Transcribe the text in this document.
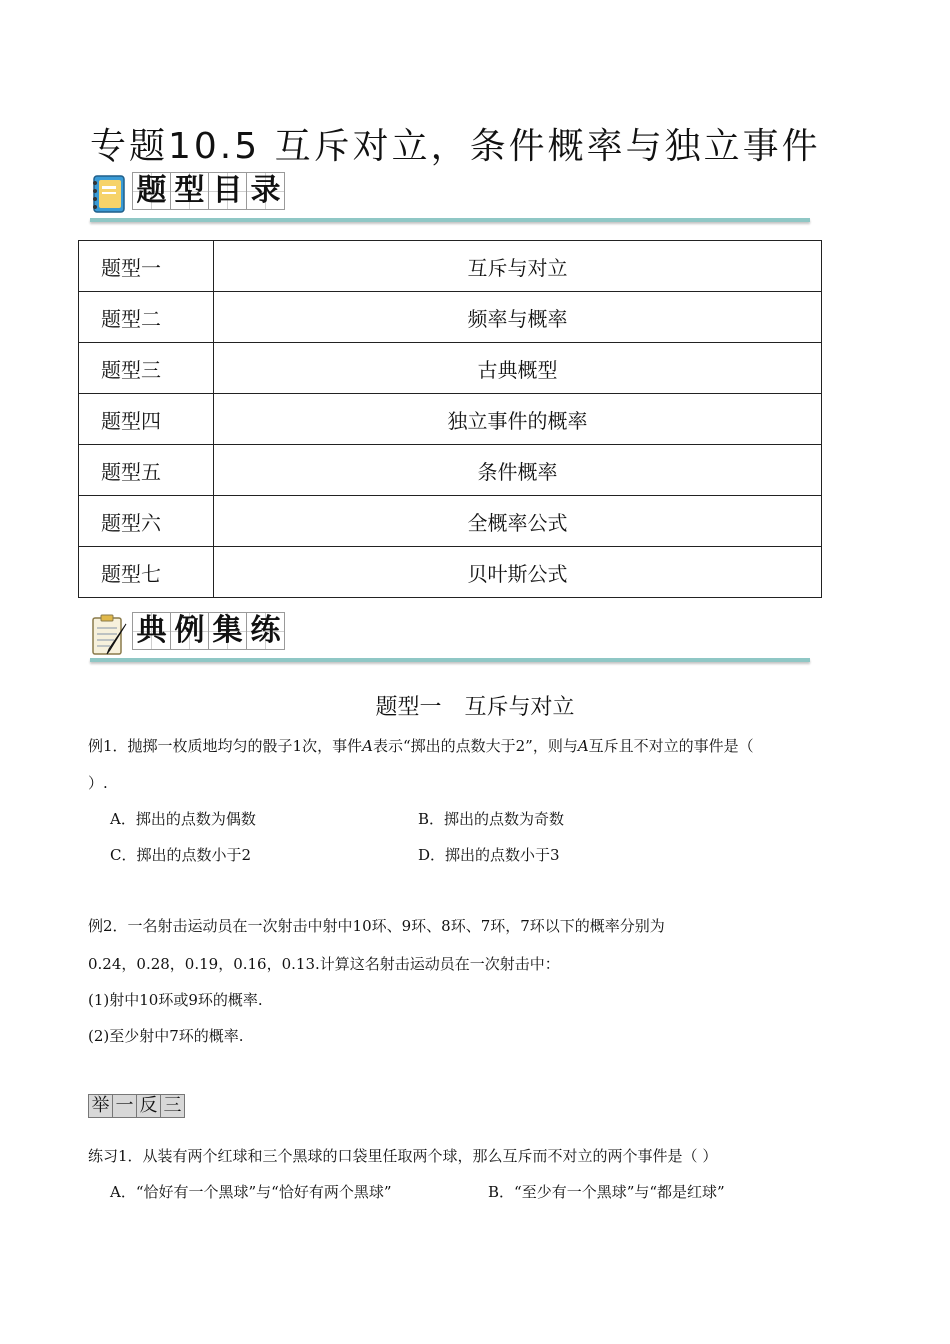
专题10.5 互斥对立，条件概率与独立事件
题 型 目 录
题型一	互斥与对立
题型二	频率与概率
题型三	古典概型
题型四	独立事件的概率
题型五	条件概率
题型六	全概率公式
题型七	贝叶斯公式
典 例 集 练
题型一 互斥与对立
例1．抛掷一枚质地均匀的骰子1次，事件A表示“掷出的点数大于2”，则与A互斥且不对立的事件是（
）.
A．掷出的点数为偶数	B．掷出的点数为奇数
C．掷出的点数小于2	D．掷出的点数小于3
例2．一名射击运动员在一次射击中射中10环、9环、8环、7环，7环以下的概率分别为
0.24，0.28，0.19，0.16，0.13.计算这名射击运动员在一次射击中：
(1)射中10环或9环的概率.
(2)至少射中7环的概率.
举 一 反 三
练习1．从装有两个红球和三个黑球的口袋里任取两个球，那么互斥而不对立的两个事件是（ ）
A．“恰好有一个黑球”与“恰好有两个黑球”	B．“至少有一个黑球”与“都是红球”
